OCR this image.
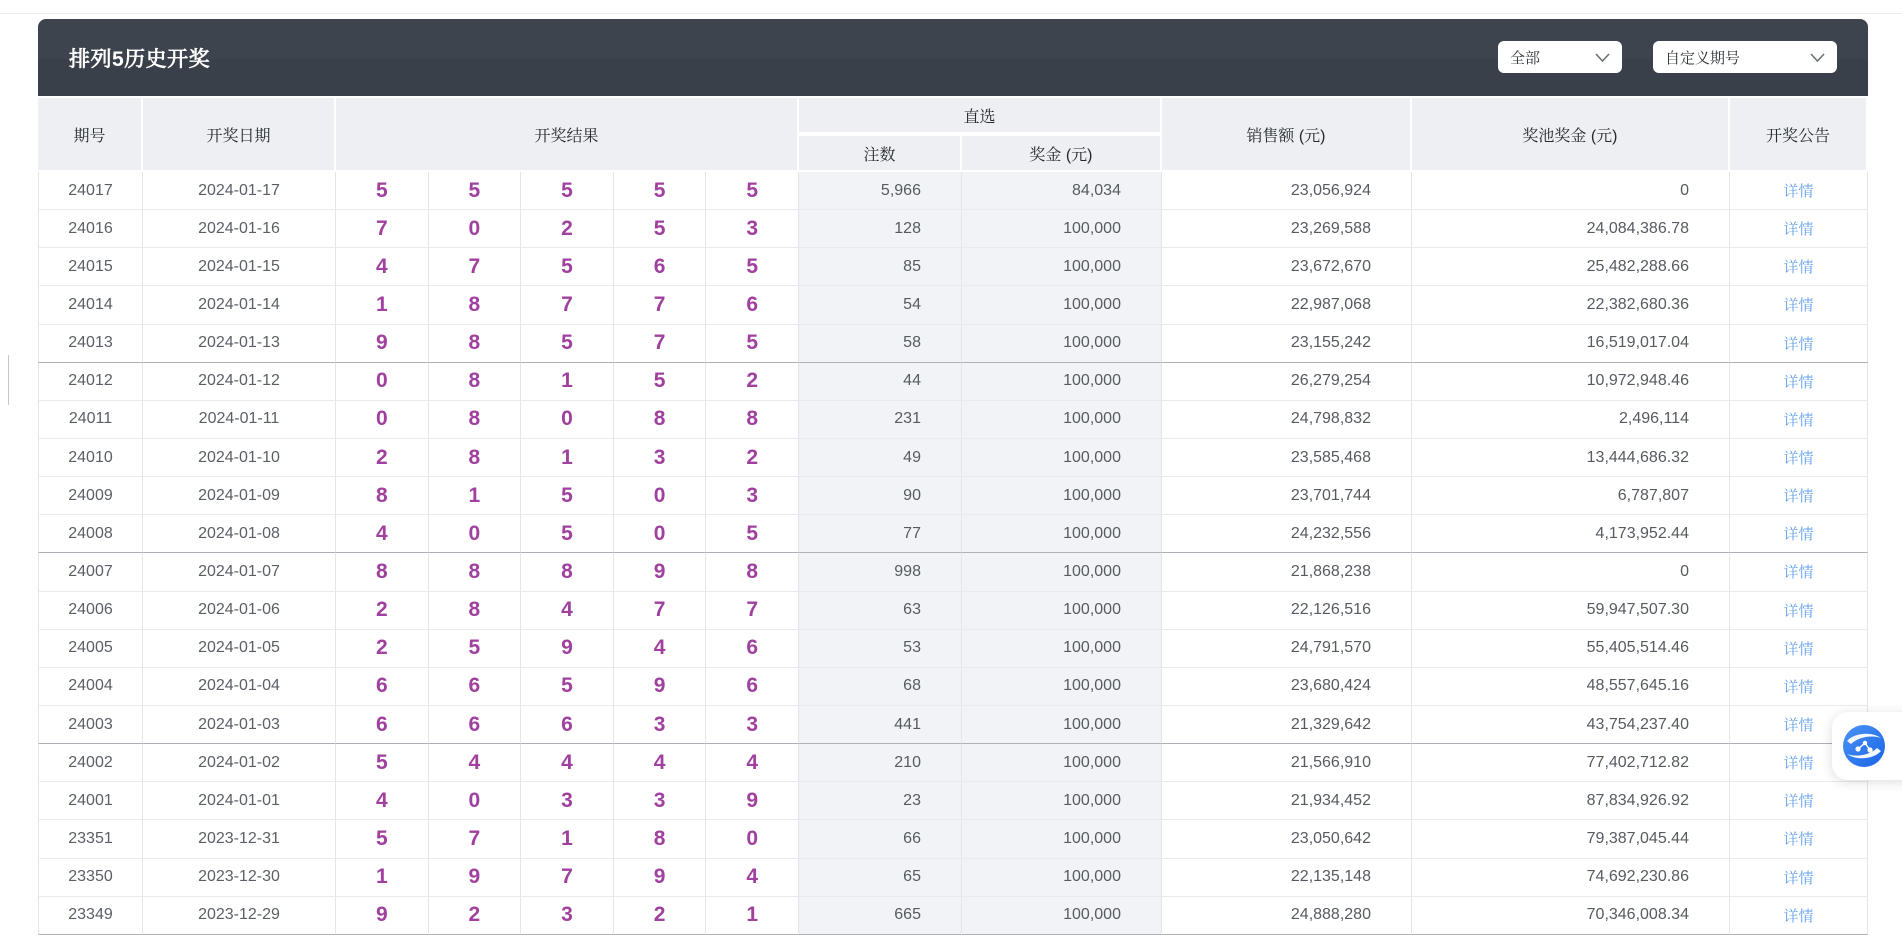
排列5历史开奖	全部	自定义期号
期号	开奖日期	开奖结果
直选
注数	奖金 (元)
销售额 (元)	奖池奖金 (元)	开奖公告
24017	2024-01-17	5	5	5	5	5	5,966	84,034	23,056,924	0	详情
24016	2024-01-16	7	0	2	5	3	128	100,000	23,269,588	24,084,386.78	详情
24015	2024-01-15	4	7	5	6	5	85	100,000	23,672,670	25,482,288.66	详情
24014	2024-01-14	1	8	7	7	6	54	100,000	22,987,068	22,382,680.36	详情
24013	2024-01-13	9	8	5	7	5	58	100,000	23,155,242	16,519,017.04	详情
24012	2024-01-12	0	8	1	5	2	44	100,000	26,279,254	10,972,948.46	详情
24011	2024-01-11	0	8	0	8	8	231	100,000	24,798,832	2,496,114	详情
24010	2024-01-10	2	8	1	3	2	49	100,000	23,585,468	13,444,686.32	详情
24009	2024-01-09	8	1	5	0	3	90	100,000	23,701,744	6,787,807	详情
24008	2024-01-08	4	0	5	0	5	77	100,000	24,232,556	4,173,952.44	详情
24007	2024-01-07	8	8	8	9	8	998	100,000	21,868,238	0	详情
24006	2024-01-06	2	8	4	7	7	63	100,000	22,126,516	59,947,507.30	详情
24005	2024-01-05	2	5	9	4	6	53	100,000	24,791,570	55,405,514.46	详情
24004	2024-01-04	6	6	5	9	6	68	100,000	23,680,424	48,557,645.16	详情
24003	2024-01-03	6	6	6	3	3	441	100,000	21,329,642	43,754,237.40	详情
24002	2024-01-02	5	4	4	4	4	210	100,000	21,566,910	77,402,712.82	详情
24001	2024-01-01	4	0	3	3	9	23	100,000	21,934,452	87,834,926.92	详情
23351	2023-12-31	5	7	1	8	0	66	100,000	23,050,642	79,387,045.44	详情
23350	2023-12-30	1	9	7	9	4	65	100,000	22,135,148	74,692,230.86	详情
23349	2023-12-29	9	2	3	2	1	665	100,000	24,888,280	70,346,008.34	详情
